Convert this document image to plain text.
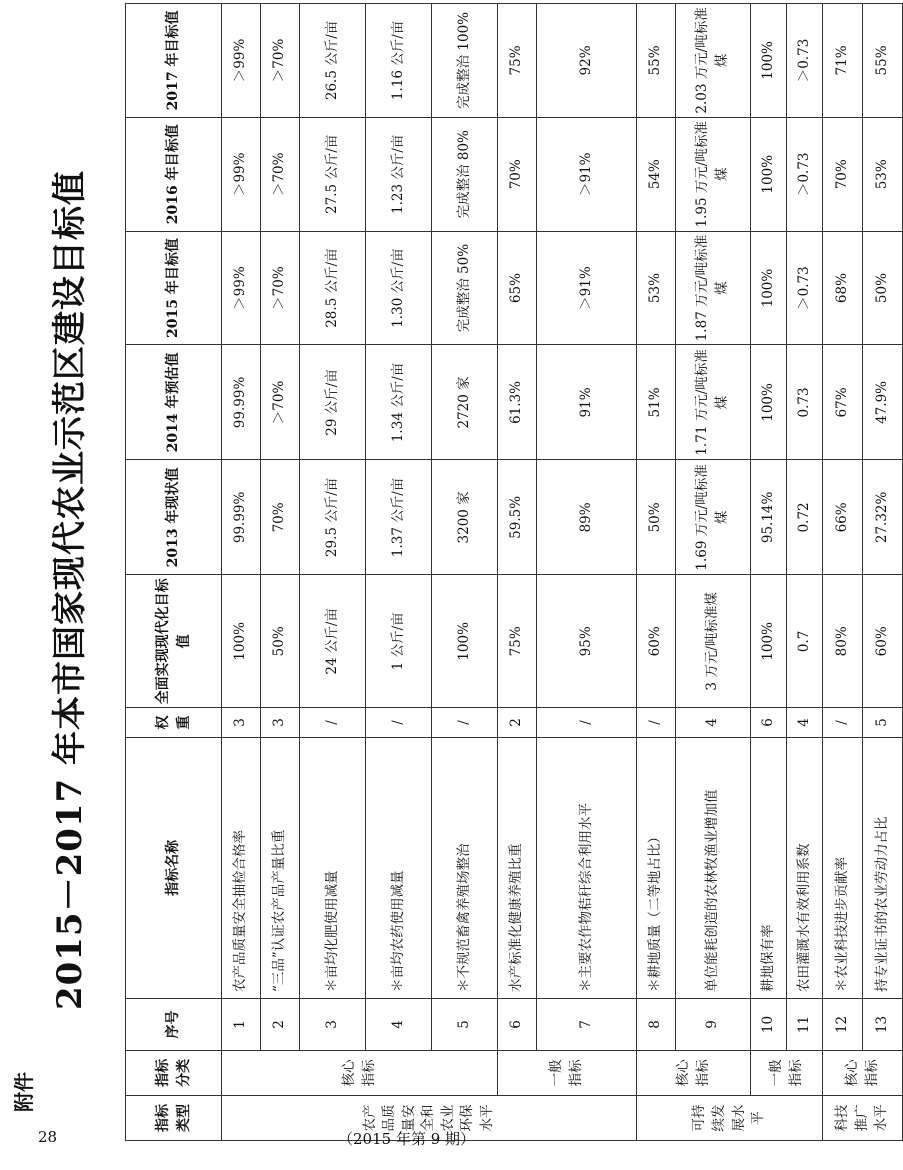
附件
2015－2017 年本市国家现代农业示范区建设目标值
指标类型	指标分类	序号	指标名称	权重	全面实现现代化目标值	2013 年现状值	2014 年预估值	2015 年目标值	2016 年目标值	2017 年目标值
农产品质量安全和农业环保水平	核心指标	1	农产品质量安全抽检合格率	3	100%	99.99%	99.99%	＞99%	＞99%	＞99%
		2	“三品”认证农产品产量比重	3	50%	70%	＞70%	＞70%	＞70%	＞70%
		3	＊亩均化肥使用减量	/	24 公斤/亩	29.5 公斤/亩	29 公斤/亩	28.5 公斤/亩	27.5 公斤/亩	26.5 公斤/亩
		4	＊亩均农药使用减量	/	1 公斤/亩	1.37 公斤/亩	1.34 公斤/亩	1.30 公斤/亩	1.23 公斤/亩	1.16 公斤/亩
		5	＊不规范畜禽养殖场整治	/	100%	3200 家	2720 家	完成整治 50%	完成整治 80%	完成整治 100%
	一般指标	6	水产标准化健康养殖比重	2	75%	59.5%	61.3%	65%	70%	75%
		7	＊主要农作物秸秆综合利用水平	/	95%	89%	91%	＞91%	＞91%	92%
可持续发展水平	核心指标	8	＊耕地质量（二等地占比）	/	60%	50%	51%	53%	54%	55%
		9	单位能耗创造的农林牧渔业增加值	4	3 万元/吨标准煤	1.69 万元/吨标准煤	1.71 万元/吨标准煤	1.87 万元/吨标准煤	1.95 万元/吨标准煤	2.03 万元/吨标准煤
	一般指标	10	耕地保有率	6	100%	95.14%	100%	100%	100%	100%
		11	农田灌溉水有效利用系数	4	0.7	0.72	0.73	＞0.73	＞0.73	＞0.73
科技推广水平	核心指标	12	＊农业科技进步贡献率	/	80%	66%	67%	68%	70%	71%
		13	持专业证书的农业劳动力占比	5	60%	27.32%	47.9%	50%	53%	55%
28	（2015 年第 9 期）
